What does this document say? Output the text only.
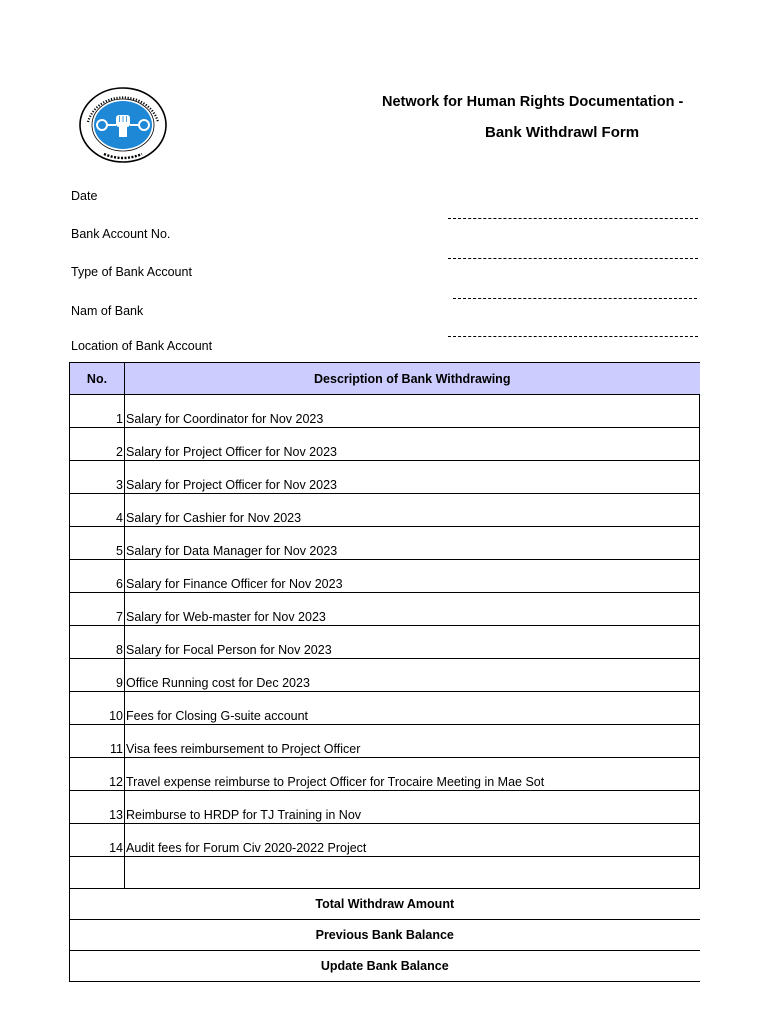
Network for Human Rights Documentation -
Bank Withdrawl Form
Date
Bank Account No.
Type of Bank Account
Nam of Bank
Location of Bank Account
No.	Description of Bank Withdrawing
1	Salary for Coordinator for Nov 2023
2	Salary for Project Officer for Nov 2023
3	Salary for Project Officer for Nov 2023
4	Salary for Cashier for Nov 2023
5	Salary for Data Manager for Nov 2023
6	Salary for Finance Officer for Nov 2023
7	Salary for Web-master for Nov 2023
8	Salary for Focal Person for Nov 2023
9	Office Running cost for Dec 2023
10	Fees for Closing G-suite account
11	Visa fees reimbursement to Project Officer
12	Travel expense reimburse to Project Officer for Trocaire Meeting in Mae Sot
13	Reimburse to HRDP for TJ Training in Nov
14	Audit fees for Forum Civ 2020-2022 Project

Total Withdraw Amount	
Previous Bank Balance	
Update Bank Balance	
